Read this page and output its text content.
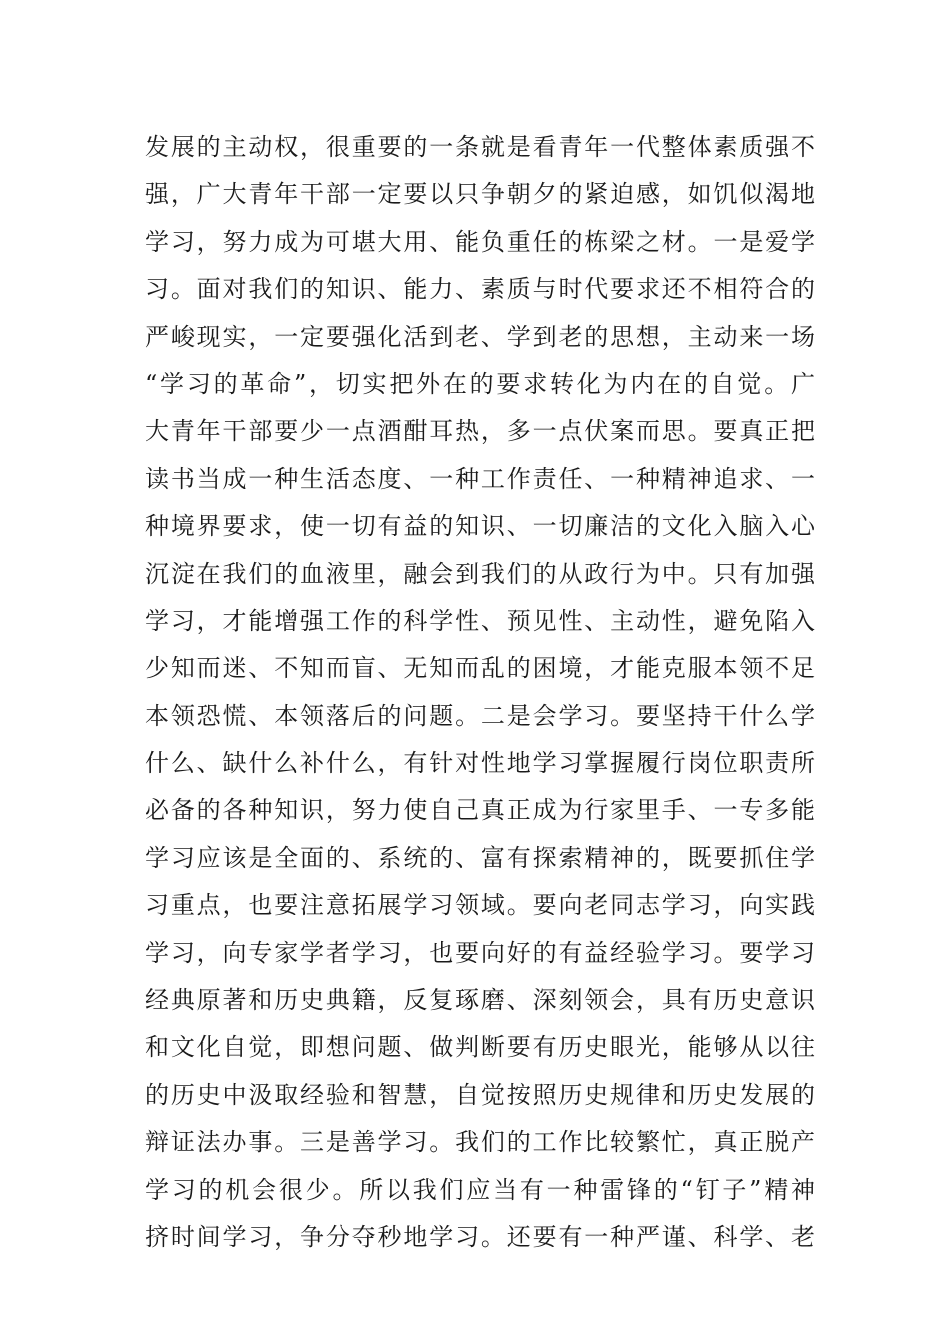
发展的主动权，很重要的一条就是看青年一代整体素质强不
强，广大青年干部一定要以只争朝夕的紧迫感，如饥似渴地
学习，努力成为可堪大用、能负重任的栋梁之材。一是爱学
习。面对我们的知识、能力、素质与时代要求还不相符合的
严峻现实，一定要强化活到老、学到老的思想，主动来一场
“学习的革命”，切实把外在的要求转化为内在的自觉。广
大青年干部要少一点酒酣耳热，多一点伏案而思。要真正把
读书当成一种生活态度、一种工作责任、一种精神追求、一
种境界要求，使一切有益的知识、一切廉洁的文化入脑入心
沉淀在我们的血液里，融会到我们的从政行为中。只有加强
学习，才能增强工作的科学性、预见性、主动性，避免陷入
少知而迷、不知而盲、无知而乱的困境，才能克服本领不足
本领恐慌、本领落后的问题。二是会学习。要坚持干什么学
什么、缺什么补什么，有针对性地学习掌握履行岗位职责所
必备的各种知识，努力使自己真正成为行家里手、一专多能
学习应该是全面的、系统的、富有探索精神的，既要抓住学
习重点，也要注意拓展学习领域。要向老同志学习，向实践
学习，向专家学者学习，也要向好的有益经验学习。要学习
经典原著和历史典籍，反复琢磨、深刻领会，具有历史意识
和文化自觉，即想问题、做判断要有历史眼光，能够从以往
的历史中汲取经验和智慧，自觉按照历史规律和历史发展的
辩证法办事。三是善学习。我们的工作比较繁忙，真正脱产
学习的机会很少。所以我们应当有一种雷锋的“钉子”精神
挤时间学习，争分夺秒地学习。还要有一种严谨、科学、老
